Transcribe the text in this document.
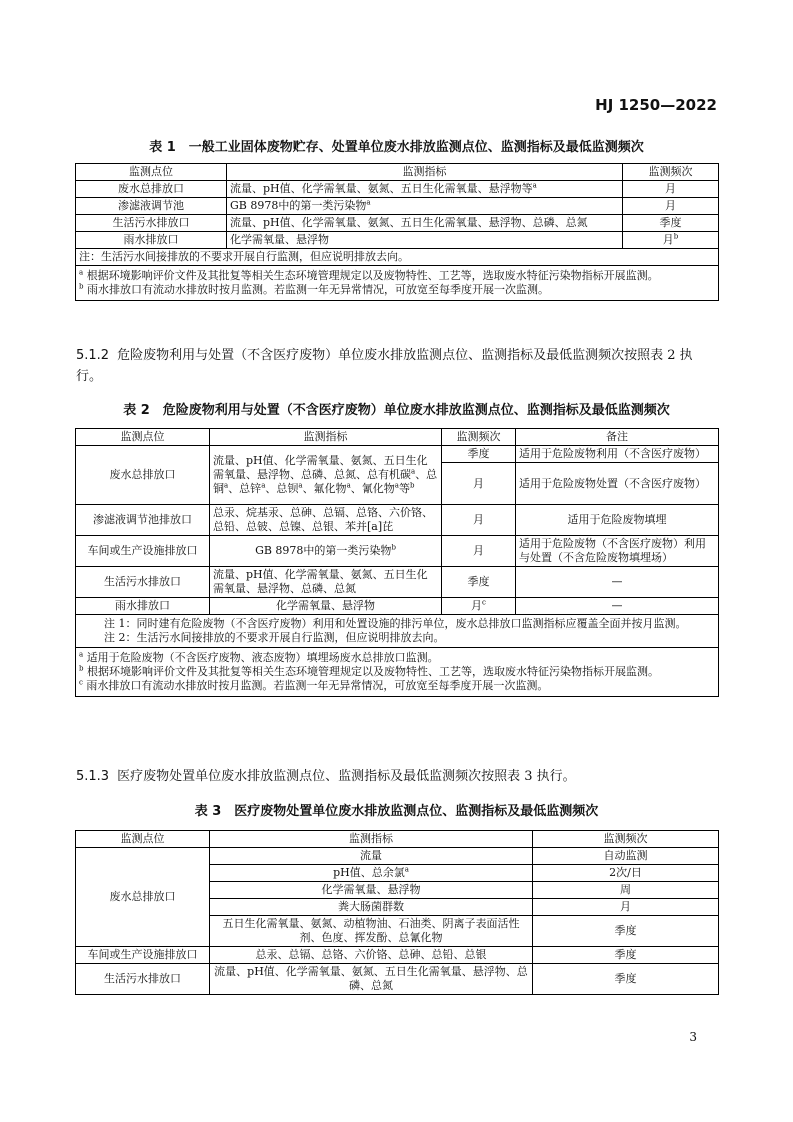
HJ 1250—2022
表 1　一般工业固体废物贮存、处置单位废水排放监测点位、监测指标及最低监测频次
监测点位	监测指标	监测频次
废水总排放口	流量、pH值、化学需氧量、氨氮、五日生化需氧量、悬浮物等$^a$	月
渗滤液调节池	GB 8978中的第一类污染物$^a$	月
生活污水排放口	流量、pH值、化学需氧量、氨氮、五日生化需氧量、悬浮物、总磷、总氮	季度
雨水排放口	化学需氧量、悬浮物	月$^b$
注：生活污水间接排放的不要求开展自行监测，但应说明排放去向。		

$^a$ 根据环境影响评价文件及其批复等相关生态环境管理规定以及废物特性、工艺等，选取废水特征污染物指标开展监测。
$^b$ 雨水排放口有流动水排放时按月监测。若监测一年无异常情况，可放宽至每季度开展一次监测。		
5.1.2 危险废物利用与处置（不含医疗废物）单位废水排放监测点位、监测指标及最低监测频次按照表 2 执行。
表 2　危险废物利用与处置（不含医疗废物）单位废水排放监测点位、监测指标及最低监测频次
监测点位	监测指标	监测频次	备注
废水总排放口	流量、pH值、化学需氧量、氨氮、五日生化需氧量、悬浮物、总磷、总氮、总有机碳$^a$、总铜$^a$、总锌$^a$、总钡$^a$、氟化物$^a$、氰化物$^a$等$^b$	季度	适用于危险废物利用（不含医疗废物）
		月	适用于危险废物处置（不含医疗废物）
渗滤液调节池排放口	总汞、烷基汞、总砷、总镉、总铬、六价铬、总铅、总铍、总镍、总银、苯并[a]芘	月	适用于危险废物填埋
车间或生产设施排放口	GB 8978中的第一类污染物$^b$	月	适用于危险废物（不含医疗废物）利用与处置（不含危险废物填埋场）
生活污水排放口	流量、pH值、化学需氧量、氨氮、五日生化需氧量、悬浮物、总磷、总氮	季度	—
雨水排放口	化学需氧量、悬浮物	月$^c$	—

注 1：同时建有危险废物（不含医疗废物）利用和处置设施的排污单位，废水总排放口监测指标应覆盖全面并按月监测。
注 2：生活污水间接排放的不要求开展自行监测，但应说明排放去向。			

$^a$ 适用于危险废物（不含医疗废物、液态废物）填埋场废水总排放口监测。
$^b$ 根据环境影响评价文件及其批复等相关生态环境管理规定以及废物特性、工艺等，选取废水特征污染物指标开展监测。
$^c$ 雨水排放口有流动水排放时按月监测。若监测一年无异常情况，可放宽至每季度开展一次监测。			
5.1.3 医疗废物处置单位废水排放监测点位、监测指标及最低监测频次按照表 3 执行。
表 3　医疗废物处置单位废水排放监测点位、监测指标及最低监测频次
监测点位	监测指标	监测频次
废水总排放口	流量	自动监测
	pH值、总余氯$^a$	2次/日
	化学需氧量、悬浮物	周
	粪大肠菌群数	月
	五日生化需氧量、氨氮、动植物油、石油类、阴离子表面活性剂、色度、挥发酚、总氰化物	季度
车间或生产设施排放口	总汞、总镉、总铬、六价铬、总砷、总铅、总银	季度
生活污水排放口	流量、pH值、化学需氧量、氨氮、五日生化需氧量、悬浮物、总磷、总氮	季度
3
